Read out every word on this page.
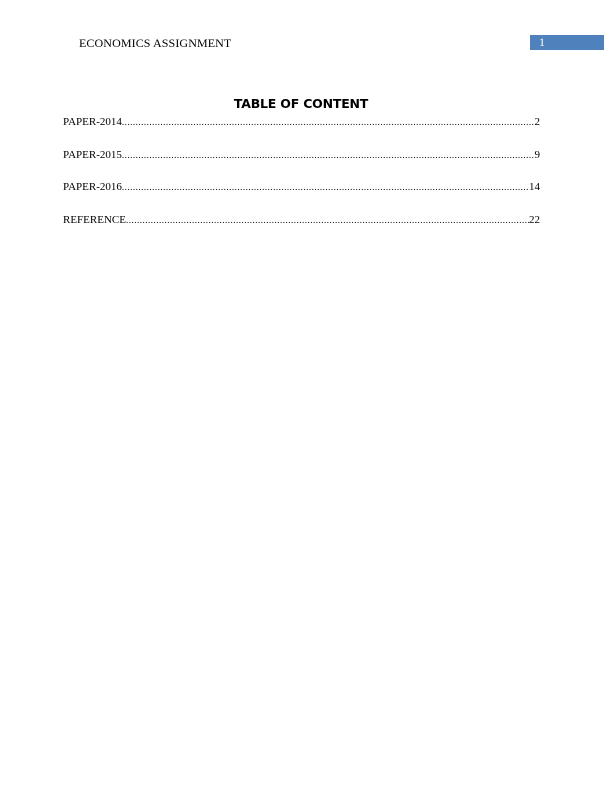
ECONOMICS ASSIGNMENT	1
TABLE OF CONTENT
PAPER-2014 .....	2
PAPER-2015 .....	9
PAPER-2016 .....	14
REFERENCE .....	22
